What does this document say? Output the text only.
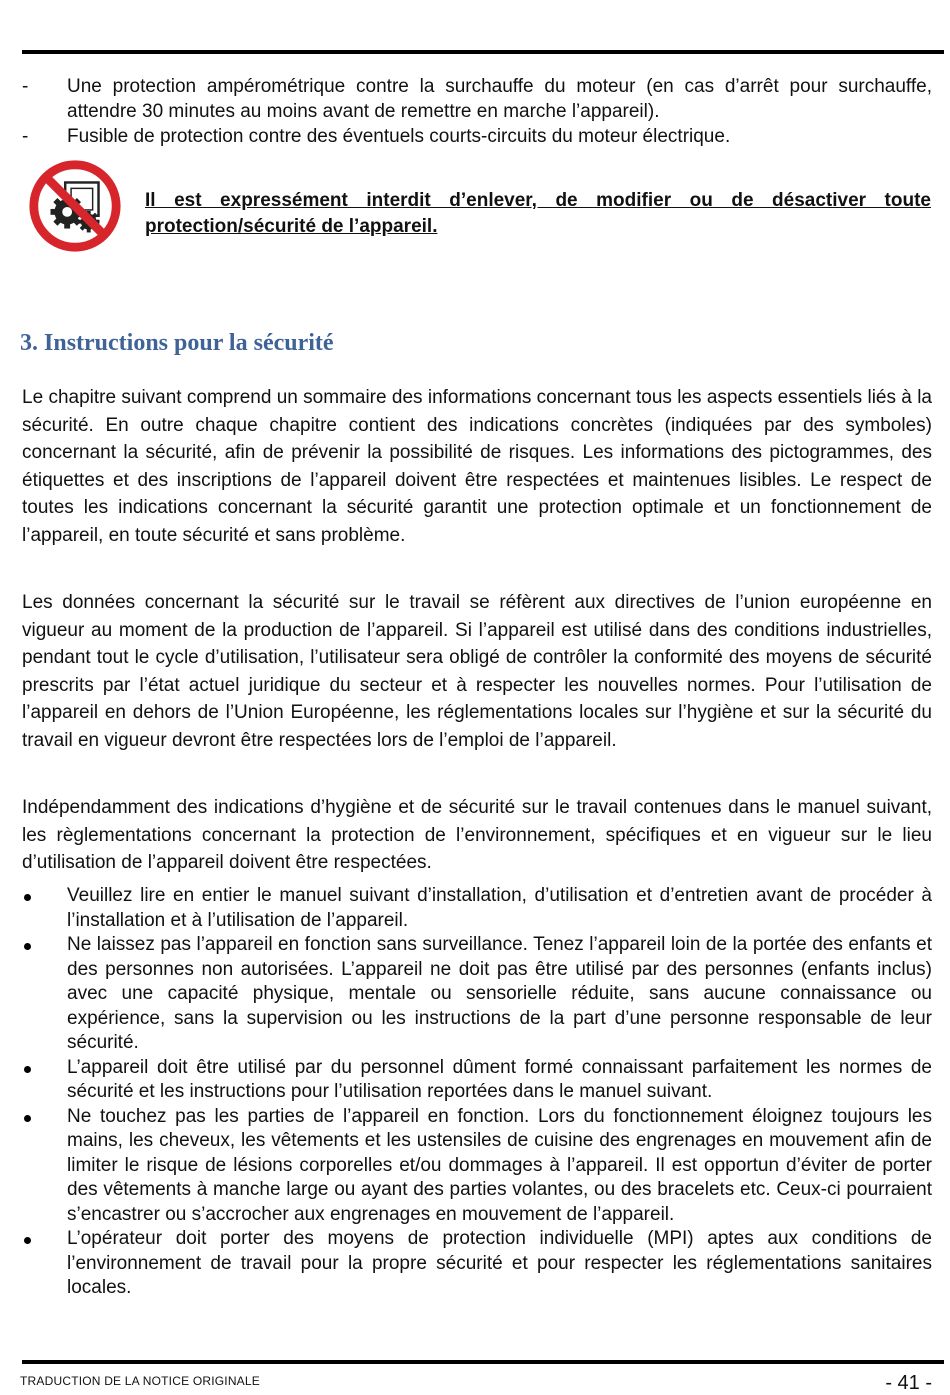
- Une protection ampérométrique contre la surchauffe du moteur (en cas d’arrêt pour surchauffe, attendre 30 minutes au moins avant de remettre en marche l’appareil).
- Fusible de protection contre des éventuels courts-circuits du moteur électrique.
Il est expressément interdit d’enlever, de modifier ou de désactiver toute protection/sécurité de l’appareil.
3. Instructions pour la sécurité

Le chapitre suivant comprend un sommaire des informations concernant tous les aspects essentiels liés à la sécurité. En outre chaque chapitre contient des indications concrètes (indiquées par des symboles) concernant la sécurité, afin de prévenir la possibilité de risques. Les informations des pictogrammes, des étiquettes et des inscriptions de l’appareil doivent être respectées et maintenues lisibles. Le respect de toutes les indications concernant la sécurité garantit une protection optimale et un fonctionnement de l’appareil, en toute sécurité et sans problème.

Les données concernant la sécurité sur le travail se réfèrent aux directives de l’union européenne en vigueur au moment de la production de l’appareil. Si l’appareil est utilisé dans des conditions industrielles, pendant tout le cycle d’utilisation, l’utilisateur sera obligé de contrôler la conformité des moyens de sécurité prescrits par l’état actuel juridique du secteur et à respecter les nouvelles normes. Pour l’utilisation de l’appareil en dehors de l’Union Européenne, les réglementations locales sur l’hygiène et sur la sécurité du travail en vigueur devront être respectées lors de l’emploi de l’appareil.

Indépendamment des indications d’hygiène et de sécurité sur le travail contenues dans le manuel suivant, les règlementations concernant la protection de l’environnement, spécifiques et en vigueur sur le lieu d’utilisation de l’appareil doivent être respectées.

Veuillez lire en entier le manuel suivant d’installation, d’utilisation et d’entretien avant de procéder à l’installation et à l’utilisation de l’appareil.
Ne laissez pas l’appareil en fonction sans surveillance. Tenez l’appareil loin de la portée des enfants et des personnes non autorisées. L’appareil ne doit pas être utilisé par des personnes (enfants inclus) avec une capacité physique, mentale ou sensorielle réduite, sans aucune connaissance ou expérience, sans la supervision ou les instructions de la part d’une personne responsable de leur sécurité.
L’appareil doit être utilisé par du personnel dûment formé connaissant parfaitement les normes de sécurité et les instructions pour l’utilisation reportées dans le manuel suivant.
Ne touchez pas les parties de l’appareil en fonction. Lors du fonctionnement éloignez toujours les mains, les cheveux, les vêtements et les ustensiles de cuisine des engrenages en mouvement afin de limiter le risque de lésions corporelles et/ou dommages à l’appareil. Il est opportun d’éviter de porter des vêtements à manche large ou ayant des parties volantes, ou des bracelets etc. Ceux-ci pourraient s’encastrer ou s’accrocher aux engrenages en mouvement de l’appareil.
L’opérateur doit porter des moyens de protection individuelle (MPI) aptes aux conditions de l’environnement de travail pour la propre sécurité et pour respecter les réglementations sanitaires locales.
TRADUCTION DE LA NOTICE ORIGINALE	- 41 -
